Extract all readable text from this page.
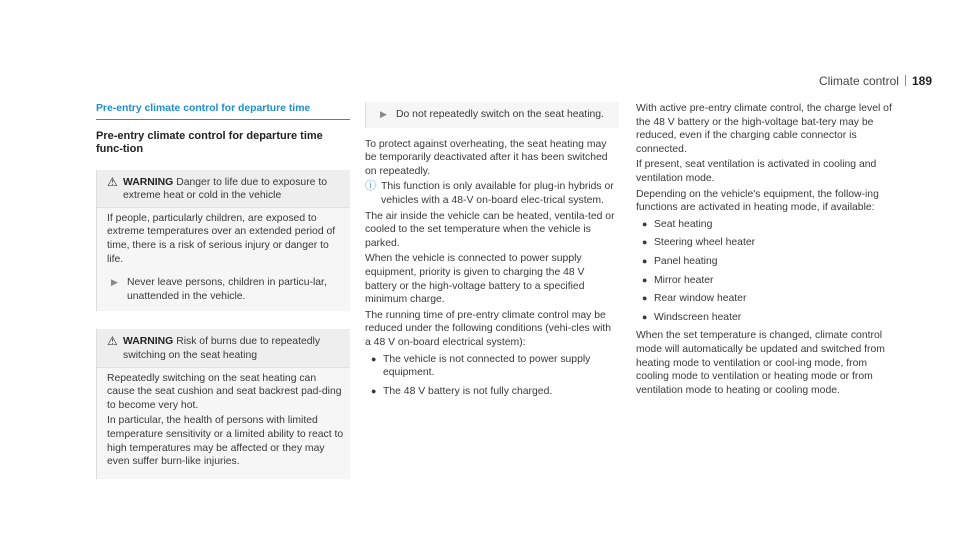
Climate control 189
Pre-entry climate control for departure time
Pre-entry climate control for departure time func-tion
⚠ WARNING Danger to life due to exposure to extreme heat or cold in the vehicle

If people, particularly children, are exposed to extreme temperatures over an extended period of time, there is a risk of serious injury or danger to life.

▶ Never leave persons, children in particu-lar, unattended in the vehicle.
⚠ WARNING Risk of burns due to repeatedly switching on the seat heating

Repeatedly switching on the seat heating can cause the seat cushion and seat backrest pad-ding to become very hot.

In particular, the health of persons with limited temperature sensitivity or a limited ability to react to high temperatures may be affected or they may even suffer burn-like injuries.

▶ Do not repeatedly switch on the seat heating.

To protect against overheating, the seat heating may be temporarily deactivated after it has been switched on repeatedly.

ⓘ This function is only available for plug-in hybrids or vehicles with a 48-V on-board elec-trical system.

The air inside the vehicle can be heated, ventila-ted or cooled to the set temperature when the vehicle is parked.

When the vehicle is connected to power supply equipment, priority is given to charging the 48 V battery or the high-voltage battery to a specified minimum charge.

The running time of pre-entry climate control may be reduced under the following conditions (vehi-cles with a 48 V on-board electrical system):

● The vehicle is not connected to power supply equipment.
● The 48 V battery is not fully charged.

With active pre-entry climate control, the charge level of the 48 V battery or the high-voltage bat-tery may be reduced, even if the charging cable connector is connected.

If present, seat ventilation is activated in cooling and ventilation mode.

Depending on the vehicle's equipment, the follow-ing functions are activated in heating mode, if available:

● Seat heating
● Steering wheel heater
● Panel heating
● Mirror heater
● Rear window heater
● Windscreen heater

When the set temperature is changed, climate control mode will automatically be updated and switched from heating mode to ventilation or cool-ing mode, from cooling mode to ventilation or heating mode or from ventilation mode to heating or cooling mode.
